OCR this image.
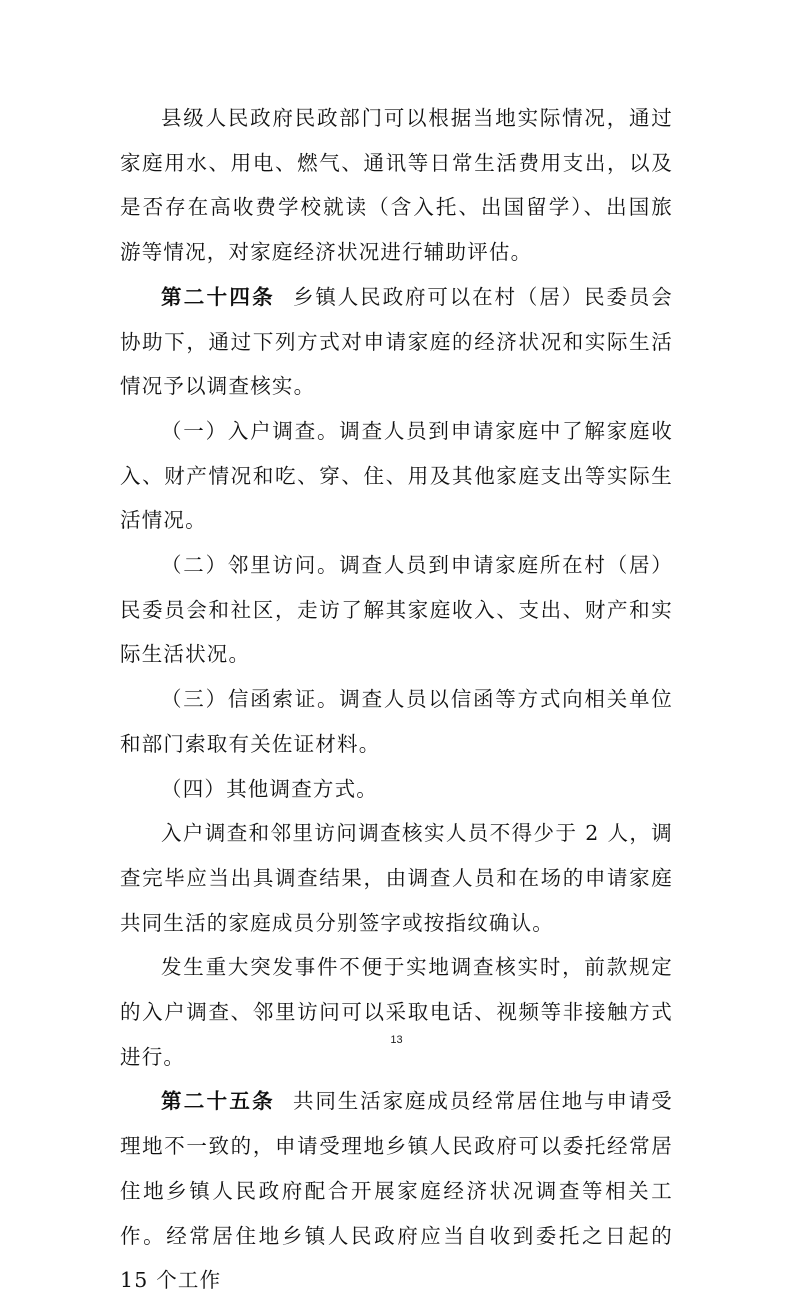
县级人民政府民政部门可以根据当地实际情况，通过家庭用水、用电、燃气、通讯等日常生活费用支出，以及是否存在高收费学校就读（含入托、出国留学）、出国旅游等情况，对家庭经济状况进行辅助评估。

第二十四条 乡镇人民政府可以在村（居）民委员会协助下，通过下列方式对申请家庭的经济状况和实际生活情况予以调查核实。

（一）入户调查。调查人员到申请家庭中了解家庭收入、财产情况和吃、穿、住、用及其他家庭支出等实际生活情况。

（二）邻里访问。调查人员到申请家庭所在村（居）民委员会和社区，走访了解其家庭收入、支出、财产和实际生活状况。

（三）信函索证。调查人员以信函等方式向相关单位和部门索取有关佐证材料。

（四）其他调查方式。

入户调查和邻里访问调查核实人员不得少于 2 人，调查完毕应当出具调查结果，由调查人员和在场的申请家庭共同生活的家庭成员分别签字或按指纹确认。

发生重大突发事件不便于实地调查核实时，前款规定的入户调查、邻里访问可以采取电话、视频等非接触方式进行。

第二十五条 共同生活家庭成员经常居住地与申请受理地不一致的，申请受理地乡镇人民政府可以委托经常居住地乡镇人民政府配合开展家庭经济状况调查等相关工作。经常居住地乡镇人民政府应当自收到委托之日起的 15 个工作

13
